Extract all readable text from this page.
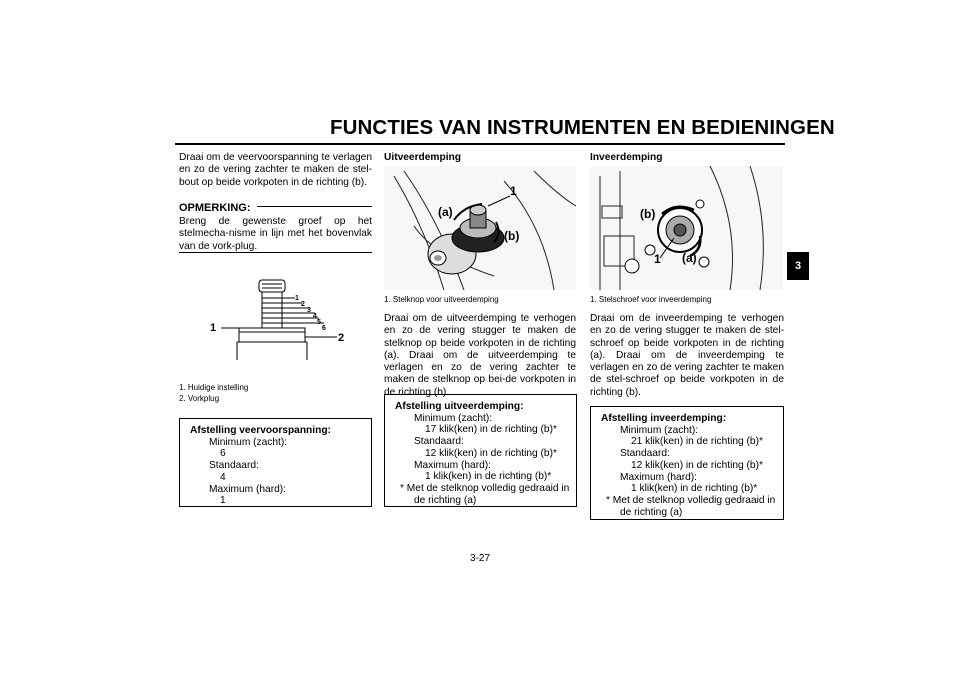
FUNCTIES VAN INSTRUMENTEN EN BEDIENINGEN
3

Draai om de veervoorspanning te verlagen en zo de vering zachter te maken de stel-bout op beide vorkpoten in de richting (b).

OPMERKING:

Breng de gewenste groef op het stelmecha-nisme in lijn met het bovenvlak van de vork-plug.

1
2
3
4
5
6
1
2

1. Huidige instelling

2. Vorkplug

Afstelling veervoorspanning:
Minimum (zacht):
6
Standaard:
4
Maximum (hard):
1
Uitveerdemping
(a)
(b)
1

1. Stelknop voor uitveerdemping

Draai om de uitveerdemping te verhogen en zo de vering stugger te maken de stelknop op beide vorkpoten in de richting (a). Draai om de uitveerdemping te verlagen en zo de vering zachter te maken de stelknop op bei-de vorkpoten in de richting (b).

Afstelling uitveerdemping:
Minimum (zacht):
17 klik(ken) in de richting (b)*
Standaard:
12 klik(ken) in de richting (b)*
Maximum (hard):
1 klik(ken) in de richting (b)*
* Met de stelknop volledig gedraaid in
de richting (a)
Inveerdemping
(b)
(a)
1

1. Stelschroef voor inveerdemping

Draai om de inveerdemping te verhogen en zo de vering stugger te maken de stel-schroef op beide vorkpoten in de richting (a). Draai om de inveerdemping te verlagen en zo de vering zachter te maken de stel-schroef op beide vorkpoten in de richting (b).

Afstelling inveerdemping:
Minimum (zacht):
21 klik(ken) in de richting (b)*
Standaard:
12 klik(ken) in de richting (b)*
Maximum (hard):
1 klik(ken) in de richting (b)*
* Met de stelknop volledig gedraaid in
de richting (a)
3-27
